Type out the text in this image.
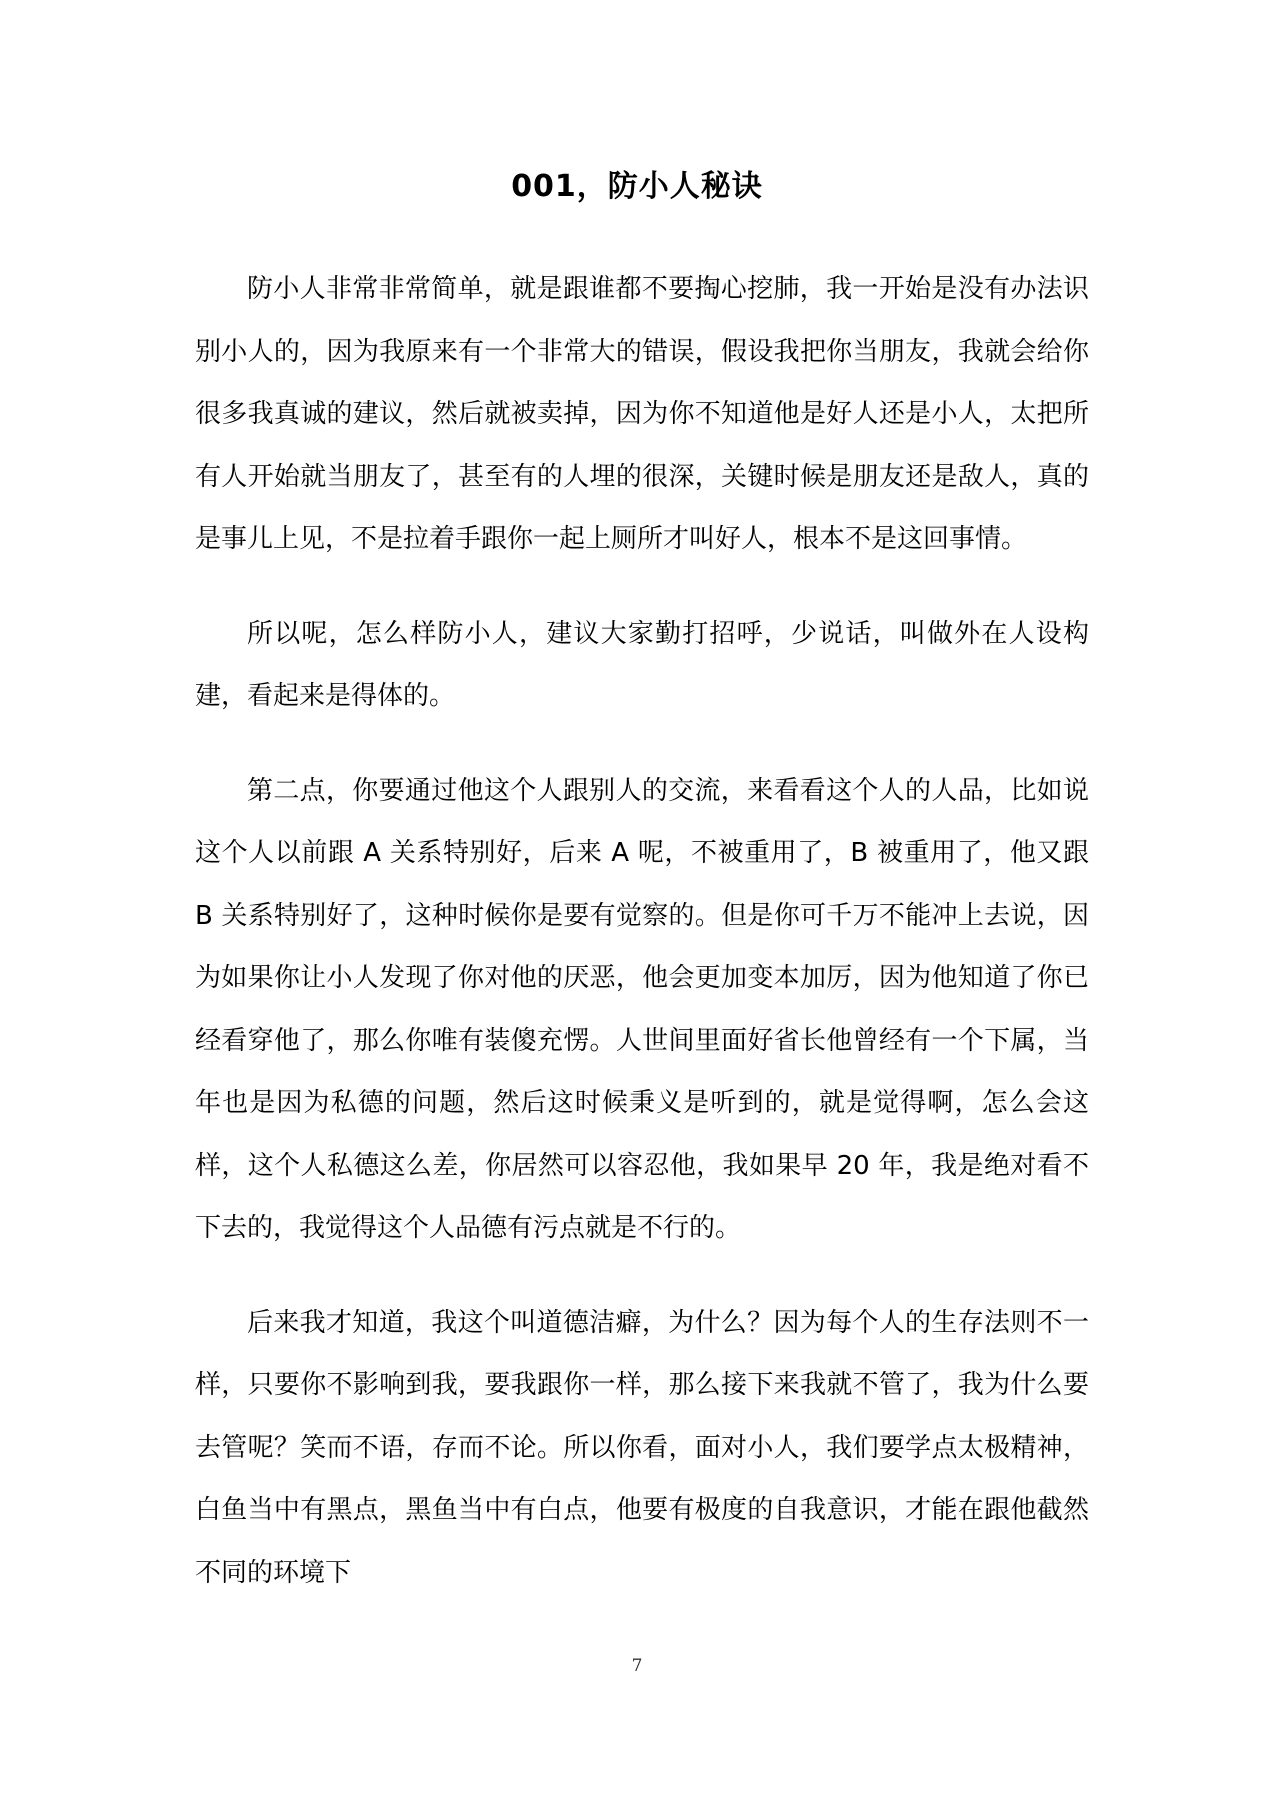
001，防小人秘诀

防小人非常非常简单，就是跟谁都不要掏心挖肺，我一开始是没有办法识别小人的，因为我原来有一个非常大的错误，假设我把你当朋友，我就会给你很多我真诚的建议，然后就被卖掉，因为你不知道他是好人还是小人，太把所有人开始就当朋友了，甚至有的人埋的很深，关键时候是朋友还是敌人，真的是事儿上见，不是拉着手跟你一起上厕所才叫好人，根本不是这回事情。

所以呢，怎么样防小人，建议大家勤打招呼，少说话，叫做外在人设构建，看起来是得体的。

第二点，你要通过他这个人跟别人的交流，来看看这个人的人品，比如说这个人以前跟 A 关系特别好，后来 A 呢，不被重用了，B 被重用了，他又跟 B 关系特别好了，这种时候你是要有觉察的。但是你可千万不能冲上去说，因为如果你让小人发现了你对他的厌恶，他会更加变本加厉，因为他知道了你已经看穿他了，那么你唯有装傻充愣。人世间里面好省长他曾经有一个下属，当年也是因为私德的问题，然后这时候秉义是听到的，就是觉得啊，怎么会这样，这个人私德这么差，你居然可以容忍他，我如果早 20 年，我是绝对看不下去的，我觉得这个人品德有污点就是不行的。

后来我才知道，我这个叫道德洁癖，为什么？因为每个人的生存法则不一样，只要你不影响到我，要我跟你一样，那么接下来我就不管了，我为什么要去管呢？笑而不语，存而不论。所以你看，面对小人，我们要学点太极精神，白鱼当中有黑点，黑鱼当中有白点，他要有极度的自我意识，才能在跟他截然不同的环境下

7
